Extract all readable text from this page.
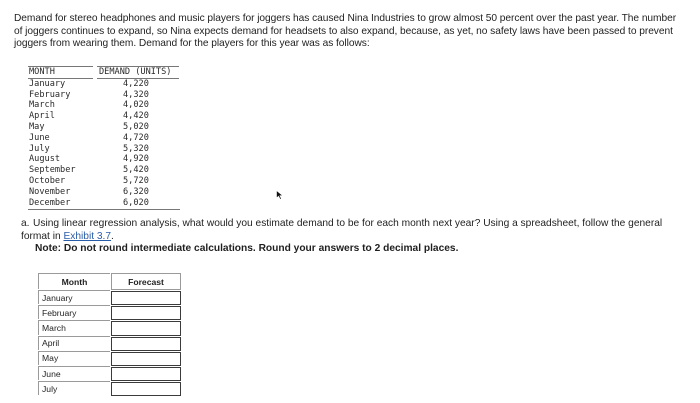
Demand for stereo headphones and music players for joggers has caused Nina Industries to grow almost 50 percent over the past year. The number of joggers continues to expand, so Nina expects demand for headsets to also expand, because, as yet, no safety laws have been passed to prevent joggers from wearing them. Demand for the players for this year was as follows:
MONTH	DEMAND (UNITS)
January	4,220
February	4,320
March	4,020
April	4,420
May	5,020
June	4,720
July	5,320
August	4,920
September	5,420
October	5,720
November	6,320
December	6,020
a. Using linear regression analysis, what would you estimate demand to be for each month next year? Using a spreadsheet, follow the general format in Exhibit 3.7.
Note: Do not round intermediate calculations. Round your answers to 2 decimal places.
Month	Forecast
January
February
March
April
May
June
July
